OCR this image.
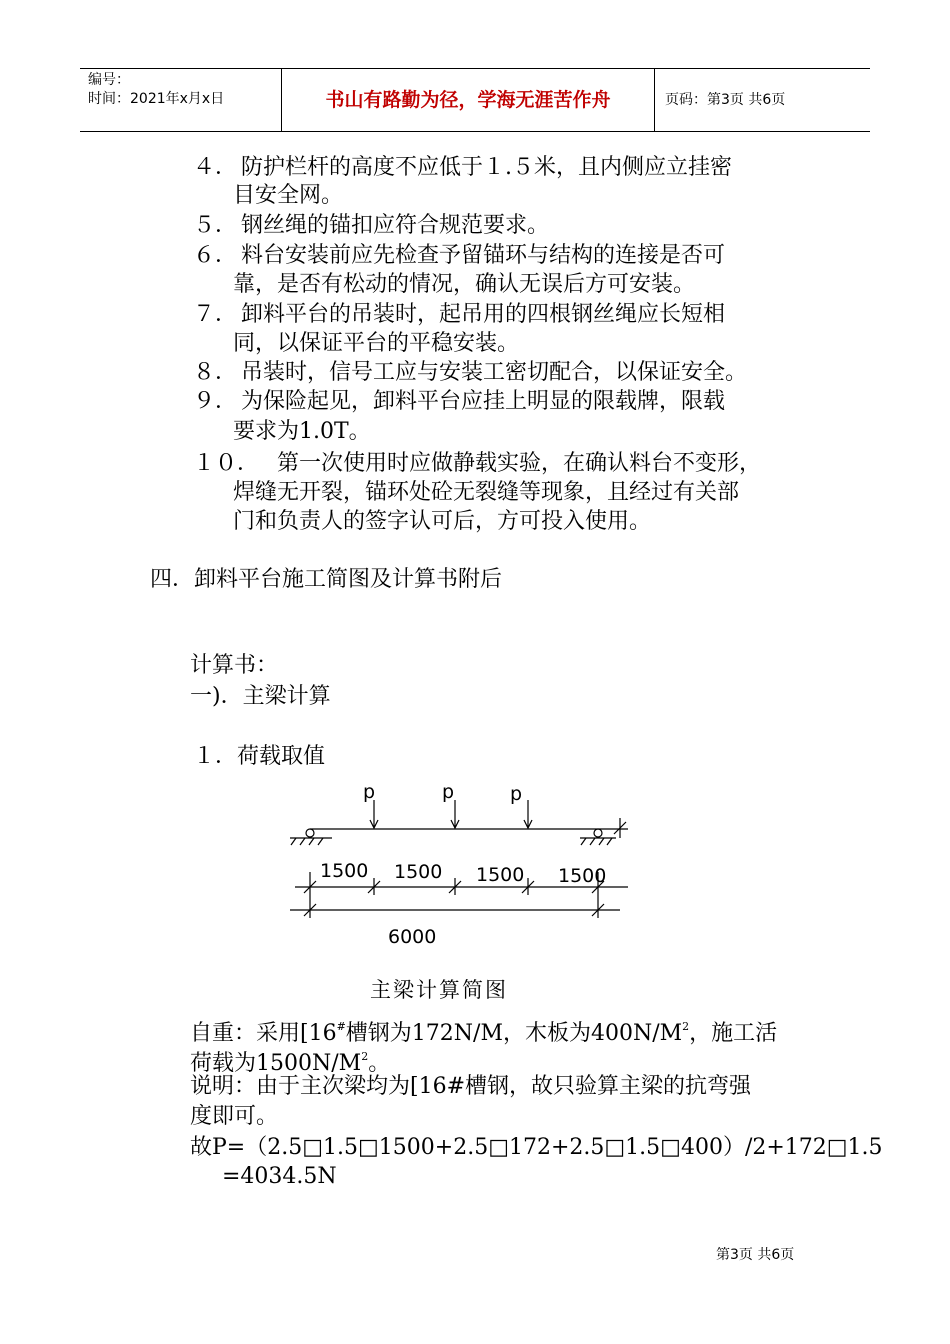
编号：
时间：2021年x月x日	书山有路勤为径，学海无涯苦作舟	页码：第3页 共6页
４． 防护栏杆的高度不应低于１.５米，且内侧应立挂密
目安全网。
５． 钢丝绳的锚扣应符合规范要求。
６． 料台安装前应先检查予留锚环与结构的连接是否可
靠，是否有松动的情况，确认无误后方可安装。
７． 卸料平台的吊装时，起吊用的四根钢丝绳应长短相
同，以保证平台的平稳安装。
８． 吊装时，信号工应与安装工密切配合，以保证安全。
９． 为保险起见，卸料平台应挂上明显的限载牌，限载
要求为1.0T。
１０． 第一次使用时应做静载实验，在确认料台不变形，
焊缝无开裂，锚环处砼无裂缝等现象，且经过有关部
门和负责人的签字认可后，方可投入使用。
四．卸料平台施工简图及计算书附后
计算书：
一)．主梁计算
１．荷载取值
p	p	p
1500 1500 1500 1500
6000
主梁计算简图
自重：采用[16#槽钢为172N/M，木板为$400N/M^2$，施工活
荷载为$1500N/M^2$。
说明：由于主次梁均为[16#槽钢，故只验算主梁的抗弯强
度即可。
故P=（2.5□1.5□1500+2.5□172+2.5□1.5□400）/2+172□1.5
=4034.5N
第3页 共6页
